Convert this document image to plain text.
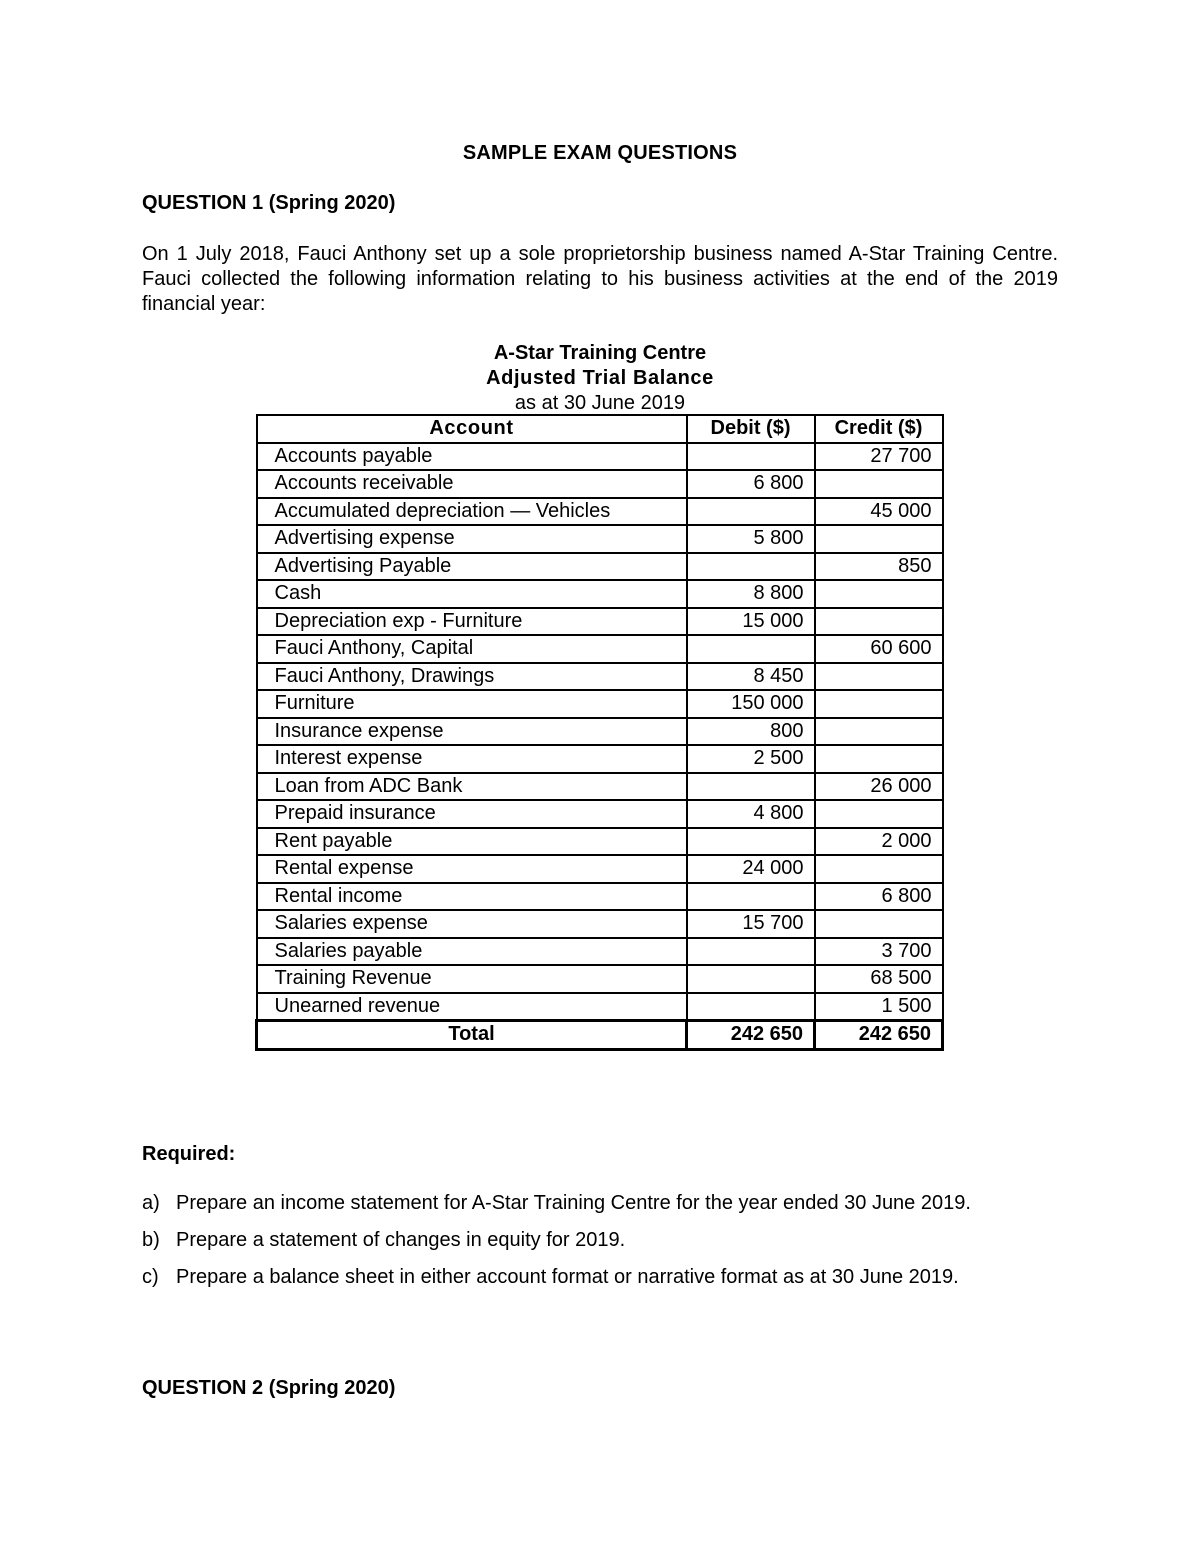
SAMPLE EXAM QUESTIONS
QUESTION 1 (Spring 2020)
On 1 July 2018, Fauci Anthony set up a sole proprietorship business named A-Star Training Centre. Fauci collected the following information relating to his business activities at the end of the 2019 financial year:
A-Star Training Centre
Adjusted Trial Balance
as at 30 June 2019
Account	Debit ($)	Credit ($)
Accounts payable		27 700
Accounts receivable	6 800	
Accumulated depreciation — Vehicles		45 000
Advertising expense	5 800	
Advertising Payable		850
Cash	8 800	
Depreciation exp - Furniture	15 000	
Fauci Anthony, Capital		60 600
Fauci Anthony, Drawings	8 450	
Furniture	150 000	
Insurance expense	800	
Interest expense	2 500	
Loan from ADC Bank		26 000
Prepaid insurance	4 800	
Rent payable		2 000
Rental expense	24 000	
Rental income		6 800
Salaries expense	15 700	
Salaries payable		3 700
Training Revenue		68 500
Unearned revenue		1 500
Total	242 650	242 650
Required:
a) Prepare an income statement for A-Star Training Centre for the year ended 30 June 2019.
b) Prepare a statement of changes in equity for 2019.
c) Prepare a balance sheet in either account format or narrative format as at 30 June 2019.
QUESTION 2 (Spring 2020)
